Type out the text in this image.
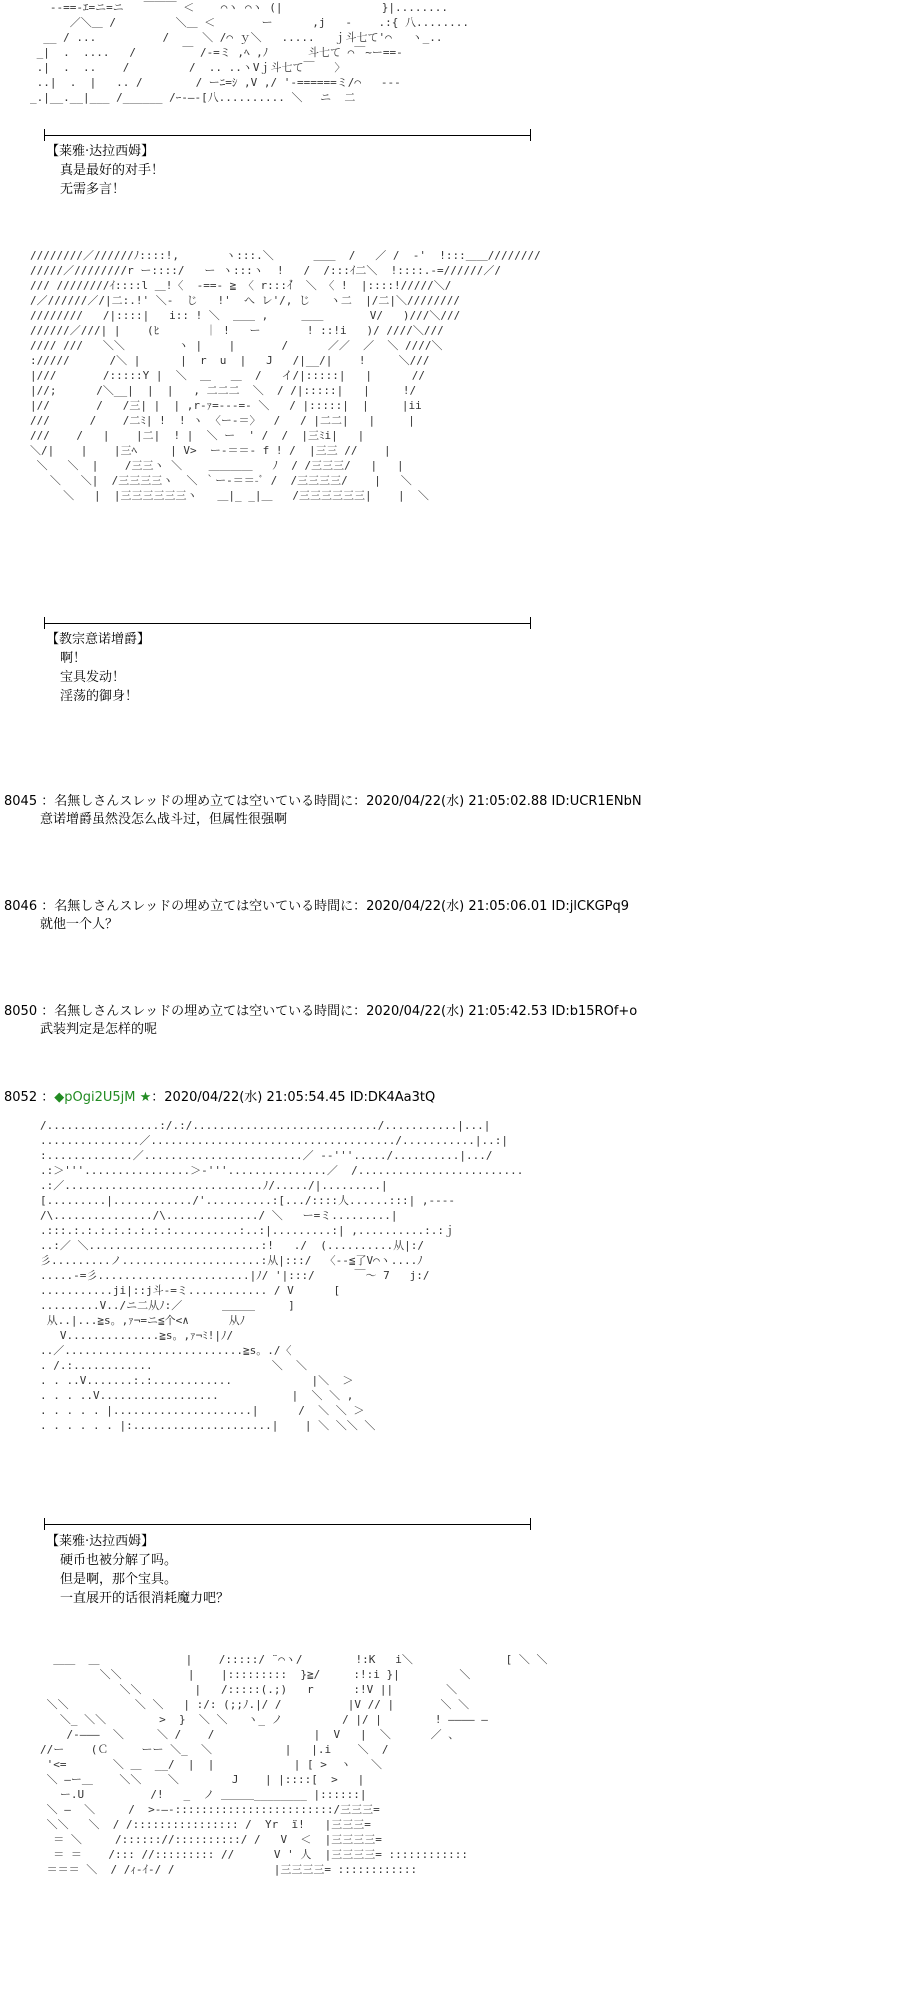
--==-ｴ=ニ=ニ   ￣￣￣ ＜    ⌒ヽ ⌒ヽ (|               }|........
／＼＿ /         ＼＿ ＜       ー      ,j   -    .:{ 八........
__ / ...          /     ＼ /⌒ ｙ＼   .....   ｊ斗七て'⌒   ヽ_..
_|  .  ....   /       ￣ /-=ミ ,ﾍ ,ﾉ      斗七て ⌒￣~ー==-
.|  .  ..    /         /  .. ..ヽVｊ斗七て￣   〉
..|  .  |   .. /        / ーﾆ=ｼ ,V ,/ '-======ミ/⌒   ---
_.|__.__|___ /______ /ｰ-―-[八.......... ＼　 ニ  二

【莱雅·达拉西姆】
真是最好的对手！
无需多言！
////////／//////ﾉ::::!,       ヽ:::.＼      ＿＿  /   ／ /  -'  !:::＿＿////////
/////／////////r ー::::/   ー ヽ:::ヽ  !   /  /:::ｲ二＼  !::::.-=//////／/
/// ////////ｲ::::l ＿!〈  -==- ≧ 〈 r:::ｲ゙  ＼ 〈 !  |::::!/////＼/
/／//////／/|二:.!' ＼-  じ   !'  へ レ'/, じ   ヽ二  |/二|＼////////
////////   /|::::|   i:: ! ＼  ＿＿ ,     ＿＿       V/   )///＼///
//////／///| |    (ﾋ       ｜ !   ー       ! ::!i   )/ ////＼///
//// ///   ＼＼        ヽ |    |       /      ／／  ／  ＼ ////＼
://///      /＼ |      |  r  u  |   J   /|__/|    !     ＼///
|///       /:::::Y |  ＼  ＿   ＿  /   イ/|:::::|   |      //
|//;      /＼__|  |  |   , 二二二  ＼  / /|:::::|   |     !/
|//       /   /三| |  | ,r-ｧ=-‐-=- ＼   / |:::::|  |     |ii
///      /    /二ﾐ| !  ! ヽ 〈ー-＝〉  /   / |二二|   |     |
///    /   |    |二|  ! |  ＼ ー  ' /  /  |三ﾐi|   |
＼/|    |    |三ﾍ     | V>  ー-＝＝- f ! /  |三三 //    |
＼   ＼  |    /三三ヽ ＼    ＿＿＿＿   ﾉ  / /三三三/   |   |
＼   ＼|  /三三三三ヽ  ＼ ｀ー-＝＝-ﾞ /  /三三三三/    |   ＼
＼   |  |三三三三三三ヽ   ＿|_ _|＿   /三三三三三三|    |  ＼

【教宗意诺增爵】
啊！
宝具发动！
淫荡的御身！
8045 ：名無しさんスレッドの埋め立ては空いている時間に：2020/04/22(水) 21:05:02.88 ID:UCR1ENbN
意诺增爵虽然没怎么战斗过，但属性很强啊
8046 ：名無しさんスレッドの埋め立ては空いている時間に：2020/04/22(水) 21:05:06.01 ID:jlCKGPq9
就他一个人？
8050 ：名無しさんスレッドの埋め立ては空いている時間に：2020/04/22(水) 21:05:42.53 ID:b15ROf+o
武装判定是怎样的呢
8052 ：◆pOgi2U5jM ★：2020/04/22(水) 21:05:54.45 ID:DK4Aa3tQ
/.................:/.:/............................/...........|...|
...............／...................................../...........|..:|
:.............／........................／ -‐'''...../..........|.../
.:＞'''................＞‐'''...............／  /.........................
.:／..............................ﾉ/...../|.........|
[.........|............/'..........:[.../::::人......:::| ,-‐‐-
/\.............../\............../ ＼   ー=ミ.........|
.:::.:.:.:.:.:.:.:.:..........:..:|.........:| ,..........:.:ｊ
..:／ ＼..........................:!   ./  (..........从|:/
彡.........ノ.....................:从|:::/  〈-‐≦了V⌒ヽ....ﾉ
.....-=彡.......................|ﾉ/ '|:::/      ￣〜 7   j:/
...........ji|::j斗-=ミ............ / V      [
.........V../ニ二从ﾉ:／      ＿＿＿     ]
从..|...≧s。,ｧ¬=ニ≦个<∧      从ﾉ
V..............≧s。,ｧ¬ﾐ!|ﾉ/
..／...........................≧s。./〈
. /.:............                  ＼  ＼
. . ..V.......:.:............            |＼  ＞
. . . ..V..................           |  ＼ ＼ ,
. . . . . |.....................|      /  ＼ ＼ ＞
. . . . . . |:.....................|    | ＼ ＼＼ ＼

【莱雅·达拉西姆】
硬币也被分解了吗。
但是啊，那个宝具。
一直展开的话很消耗魔力吧？
＿＿  ＿             |    /:::::/ ¨⌒ヽ/        !:K   i＼              [ ＼ ＼
＼＼          |    |:::::::::  }≧/     :!:i }|         ＼
＼＼        |   /:::::(.;)   r      :!V ||        ＼
＼＼          ＼ ＼   | :/: (;;ﾉ.|/ /          |V // |       ＼ ＼
＼_ ＼＼        >  }  ＼ ＼   ヽ_ ノ         / |/ |        ! ―――― ―
/‐―――  ＼     ＼ /    /               |  V   |  ＼      ／ 、
//ー    (Ｃ     ーー ＼_  ＼           |   |.i    ＼  /
'<=       ＼ ＿  __/  |  |            | [ >  ヽ   ＼
＼ ―ー＿    ＼＼    ＼        J    | |::::[  >   |
ー.U          /!   _  ノ ＿＿＿________ |::::::|
＼ ―  ＼     /  >‐―-::::::::::::::::::::::::/三三三=
＼＼   ＼  / /:::::::::::::::: /  Yr  ï!   |三三三=
＝ ＼     /:::::://::::::::::/ /   V  ＜  |三三三三=
＝ ＝    /::: //::::::::: //      V ' 人  |三三三三= ::::::::::::
＝＝＝ ＼  / /ｨ-ｲ-/ /               |三三三三= ::::::::::::
